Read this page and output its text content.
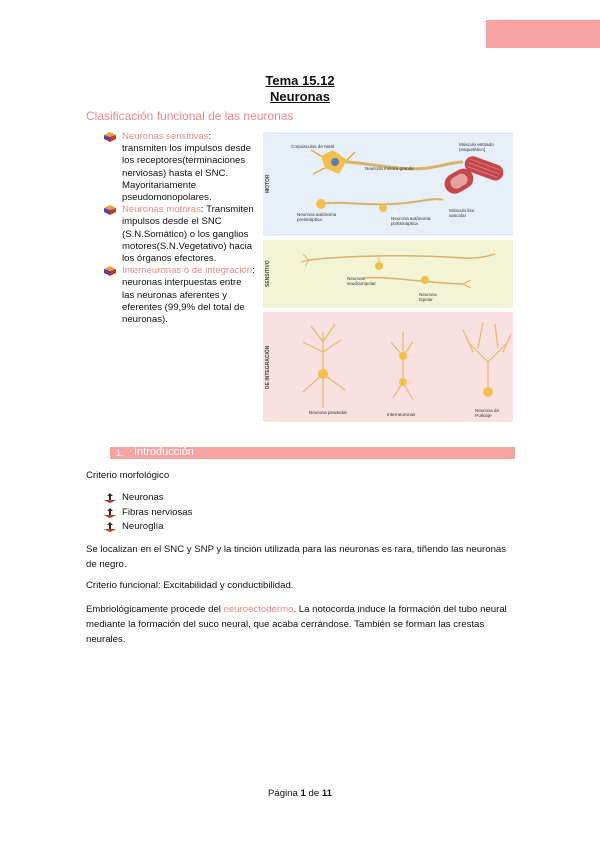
Tema 15.12
Neuronas
Clasificación funcional de las neuronas
Neuronas sensitivas: transmiten los impulsos desde los receptores(terminaciones nerviosas) hasta el SNC. Mayoritariamente pseudomonopolares.
Neuronas motoras: Transmiten impulsos desde el SNC (S.N.Somático) o los ganglios motores(S.N.Vegetativo) hacia los órganos efectores.
Interneuronas o de integración: neuronas interpuestas entre las neuronas aferentes y eferentes (99,9% del total de neuronas).
MOTOR
Corpúsculos de Nissl
Neurona motora grande
Músculo estriado (esquelético)
Neurona autónoma presináptica	Neurona autónoma postsináptica
Músculo liso vascular
SENSITIVO	Neurona seudounipolar
Neurona bipolar
DE INTEGRACIÓN
Neurona piramidal	Interneuronas
Neurona de Purkinje
1. Introducción
Criterio morfológico
Neuronas
Fibras nerviosas
Neuroglía
Se localizan en el SNC y SNP y la tinción utilizada para las neuronas es rara, tiñendo las neuronas de negro.
Criterio funcional: Excitabilidad y conductibilidad.
Embriológicamente procede del neuroectodermo. La notocorda induce la formación del tubo neural mediante la formación del suco neural, que acaba cerrándose. También se forman las crestas neurales.
Página 1 de 11
